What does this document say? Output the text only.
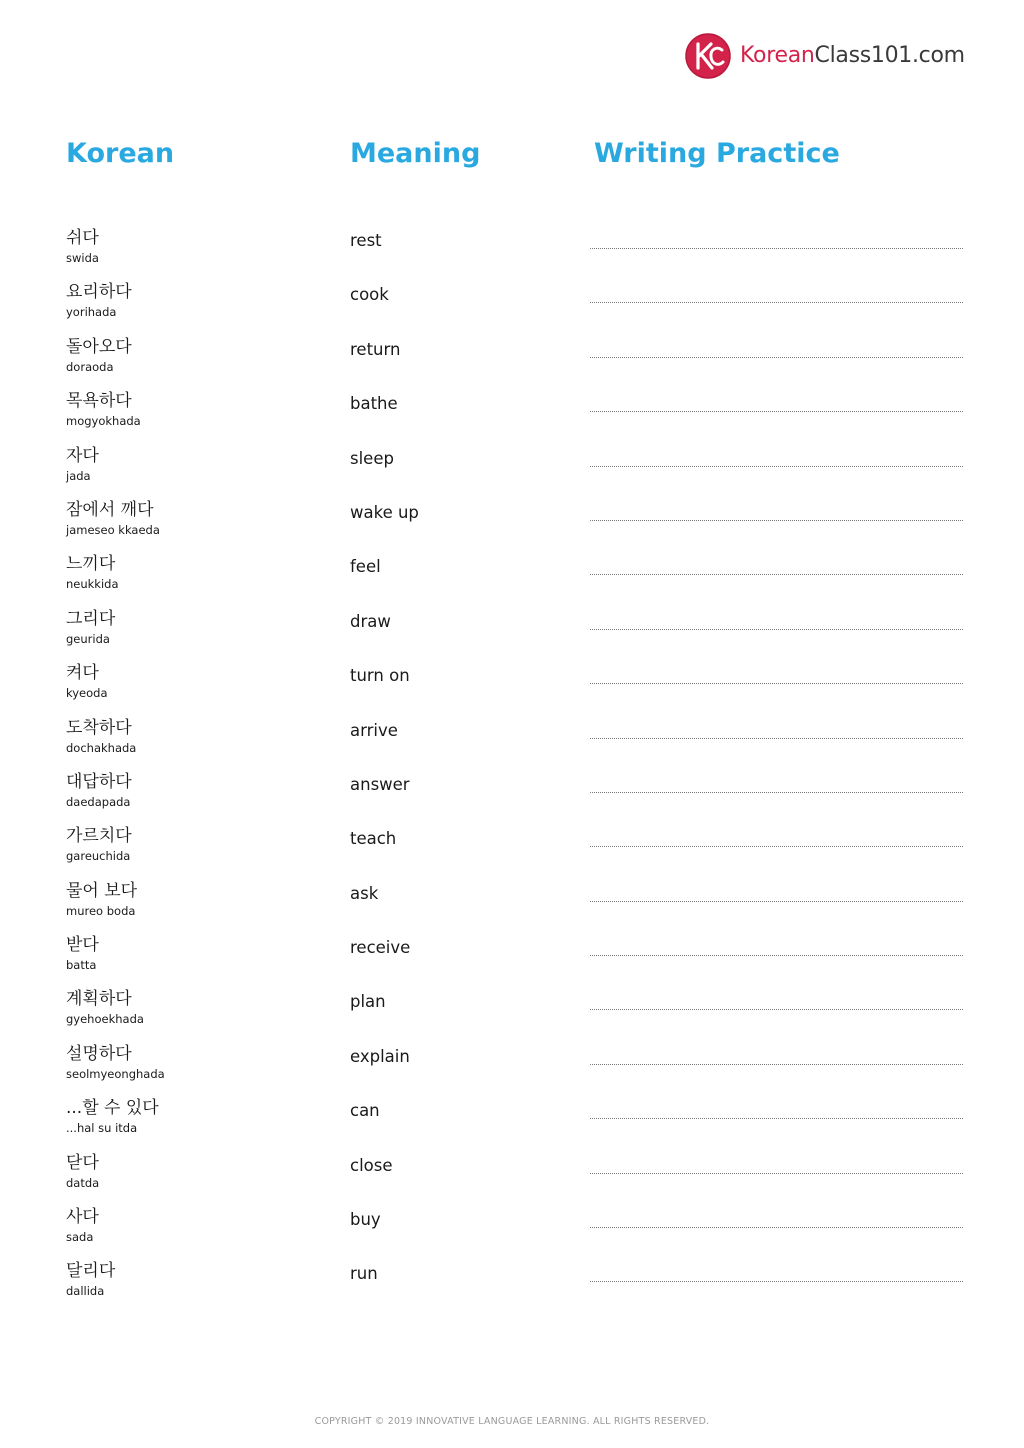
KoreanClass101.com
Korean	Meaning	Writing Practice
쉬다
swida
rest
요리하다
yorihada
cook
돌아오다
doraoda
return
목욕하다
mogyokhada
bathe
자다
jada
sleep
잠에서 깨다
jameseo kkaeda
wake up
느끼다
neukkida
feel
그리다
geurida
draw
켜다
kyeoda
turn on
도착하다
dochakhada
arrive
대답하다
daedapada
answer
가르치다
gareuchida
teach
물어 보다
mureo boda
ask
받다
batta
receive
계획하다
gyehoekhada
plan
설명하다
seolmyeonghada
explain
...할 수 있다
...hal su itda
can
닫다
datda
close
사다
sada
buy
달리다
dallida
run
COPYRIGHT © 2019 INNOVATIVE LANGUAGE LEARNING. ALL RIGHTS RESERVED.
